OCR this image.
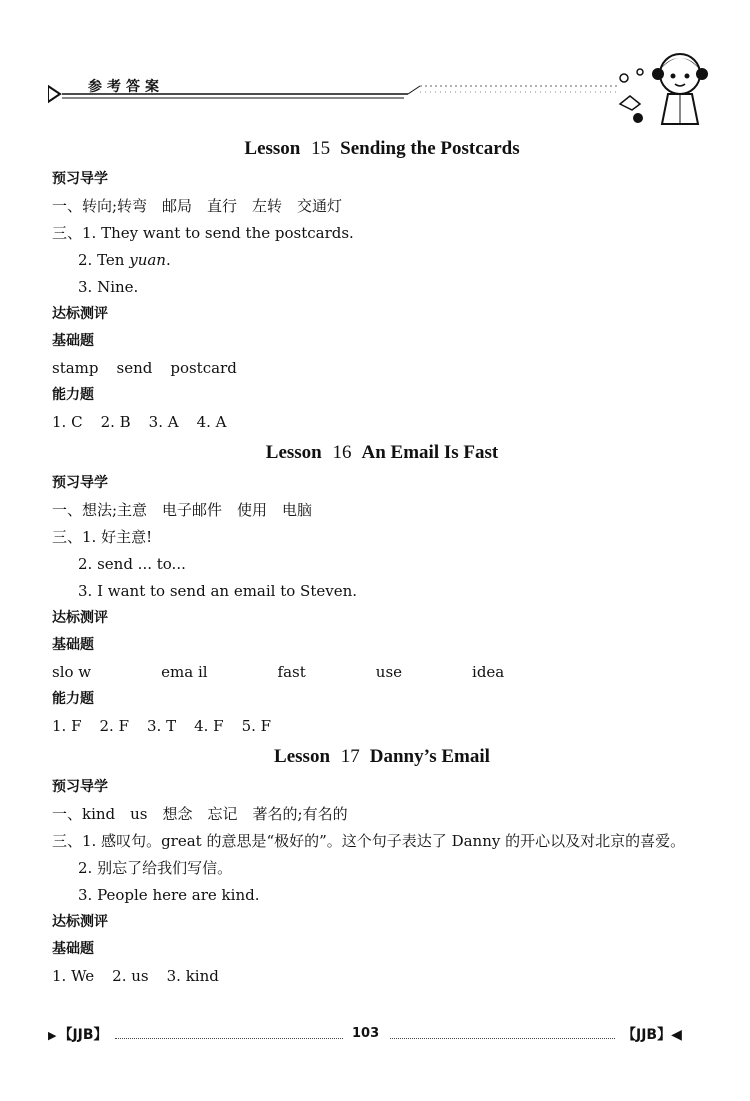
参考答案
Lesson 15 Sending the Postcards
预习导学
一、转向;转弯　邮局　直行　左转　交通灯
三、1. They want to send the postcards.
2. Ten yuan.
3. Nine.
达标测评
基础题
stamp send postcard
能力题
1. C 2. B 3. A 4. A
Lesson 16 An Email Is Fast
预习导学
一、想法;主意　电子邮件　使用　电脑
三、1. 好主意!
2. send ... to...
3. I want to send an email to Steven.
达标测评
基础题
slo w	ema il	fast	use	idea
能力题
1. F 2. F 3. T 4. F 5. F
Lesson 17 Danny’s Email
预习导学
一、kind　us　想念　忘记　著名的;有名的
三、1. 感叹句。great 的意思是“极好的”。这个句子表达了 Danny 的开心以及对北京的喜爱。
2. 别忘了给我们写信。
3. People here are kind.
达标测评
基础题
1. We 2. us 3. kind
▶ 【JJB】	103	【JJB】◀
